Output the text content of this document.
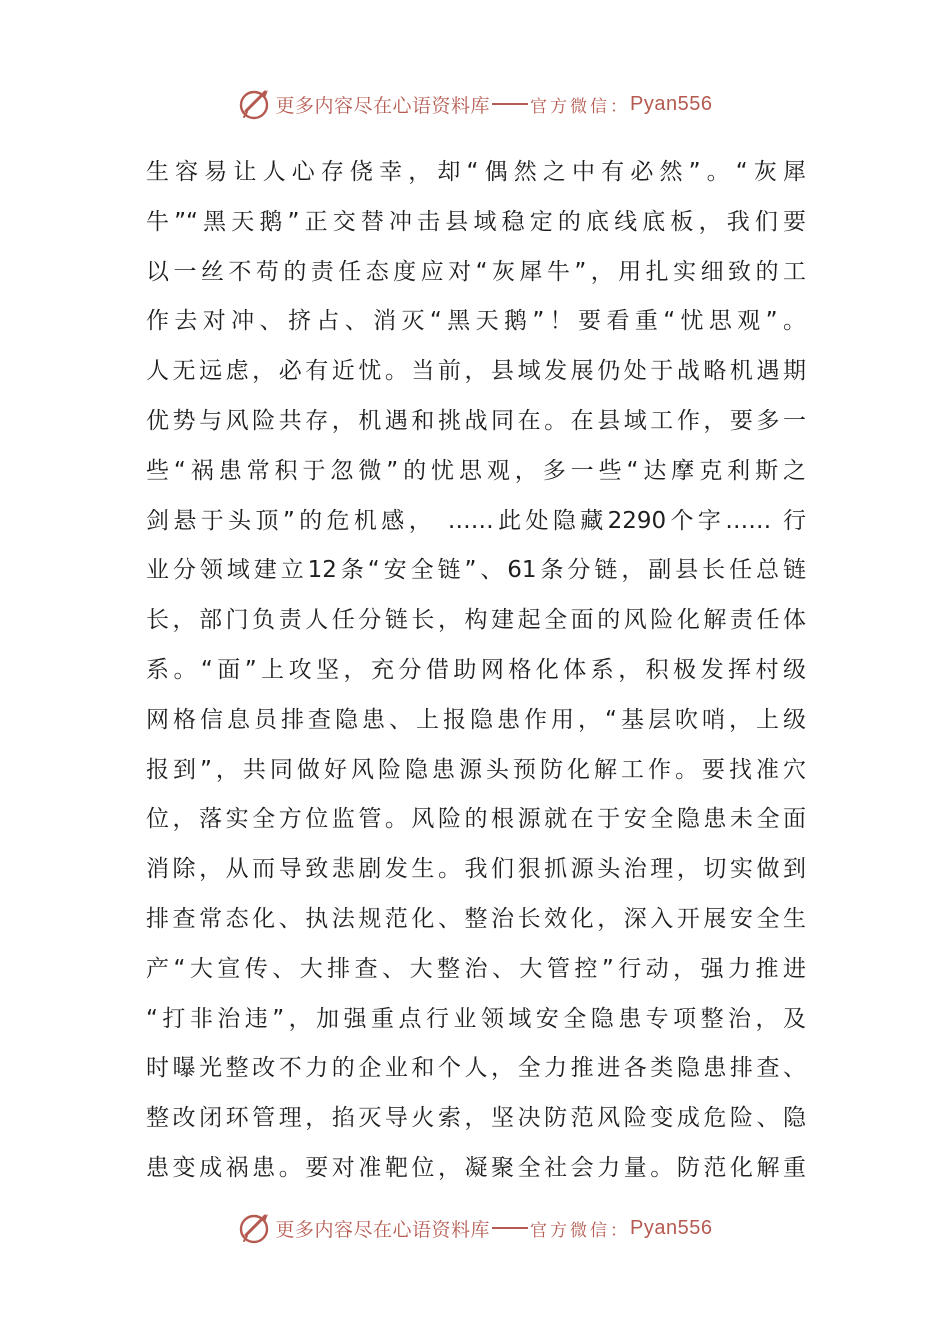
更多内容尽在心语资料库 官方微信： Pyan556
生容易让人心存侥幸，却“偶然之中有必然”。“灰犀
牛”“黑天鹅”正交替冲击县域稳定的底线底板，我们要
以一丝不苟的责任态度应对“灰犀牛”，用扎实细致的工
作去对冲、挤占、消灭“黑天鹅”！要看重“忧思观”。
人无远虑，必有近忧。当前，县域发展仍处于战略机遇期
优势与风险共存，机遇和挑战同在。在县域工作，要多一
些“祸患常积于忽微”的忧思观，多一些“达摩克利斯之
剑悬于头顶”的危机感， ……此处隐藏2290个字…… 行
业分领域建立12条“安全链”、61条分链，副县长任总链
长，部门负责人任分链长，构建起全面的风险化解责任体
系。“面”上攻坚，充分借助网格化体系，积极发挥村级
网格信息员排查隐患、上报隐患作用，“基层吹哨，上级
报到”，共同做好风险隐患源头预防化解工作。要找准穴
位，落实全方位监管。风险的根源就在于安全隐患未全面
消除，从而导致悲剧发生。我们狠抓源头治理，切实做到
排查常态化、执法规范化、整治长效化，深入开展安全生
产“大宣传、大排查、大整治、大管控”行动，强力推进
“打非治违”，加强重点行业领域安全隐患专项整治，及
时曝光整改不力的企业和个人，全力推进各类隐患排查、
整改闭环管理，掐灭导火索，坚决防范风险变成危险、隐
患变成祸患。要对准靶位，凝聚全社会力量。防范化解重
更多内容尽在心语资料库 官方微信： Pyan556
